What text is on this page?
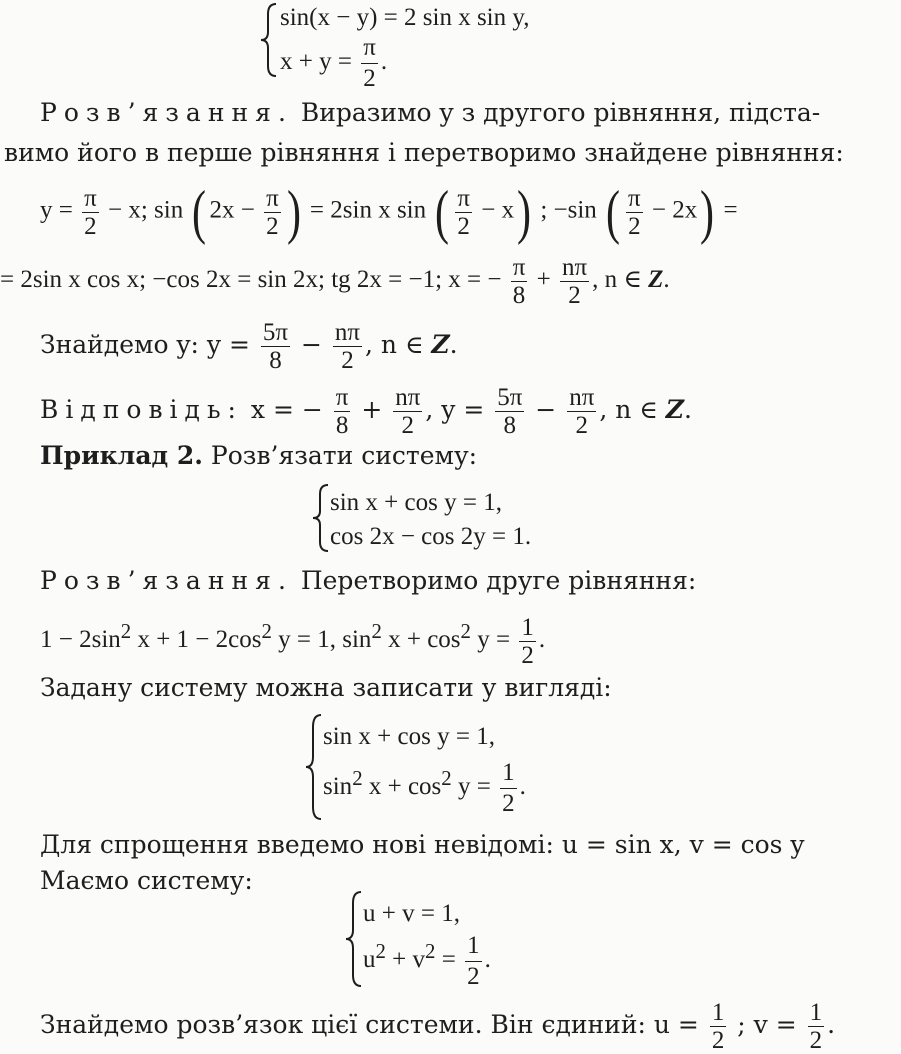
sin(x − y) = 2 sin x sin y,
$x + y = \frac{\pi}{2}$ .
Розв’язання. Виразимо y з другого рівняння, підста-
вимо його в перше рівняння і перетворимо знайдене рівняння:
$y = \frac{\pi}{2} - x$; sin ( $2x - \frac{\pi}{2}$ ) = 2sin x sin ( $\frac{\pi}{2} - x$) ; −sin ( $\frac{\pi}{2} - 2x$) =
= 2sin x cos x; −cos 2x = sin 2x; tg 2x = −1; x = − $\frac{\pi}{8} + \frac{n\pi}{2}$ , n ∈ Z.
Знайдемо y: $y = \frac{5\pi}{8} - \frac{n\pi}{2}$ , n ∈ Z.
Відповідь: x = − $\frac{\pi}{8} + \frac{n\pi}{2}$ , $y = \frac{5\pi}{8} - \frac{n\pi}{2}$ , n ∈ Z.
Приклад 2. Розв’язати систему:
sin x + cos y = 1,
cos 2x − cos 2y = 1.
Розв’язання. Перетворимо друге рівняння:
$1 - 2\sin^2$ $x + 1 - 2\cos^2$ y = 1, $\sin^2 x + \cos^2 y = \frac{1}{2}$ .
Задану систему можна записати у вигляді:
sin x + cos y = 1,
$\sin^2 x + \cos^2 y = \frac{1}{2}$ .
Для спрощення введемо нові невідомі: u = sin x, v = cos y
Маємо систему:
u + v = 1,
$u^2 + v^2 = \frac{1}{2}$ .
Знайдемо розв’язок цієї системи. Він єдиний: $u = \frac{1}{2}$ ; $v = \frac{1}{2}$ .
